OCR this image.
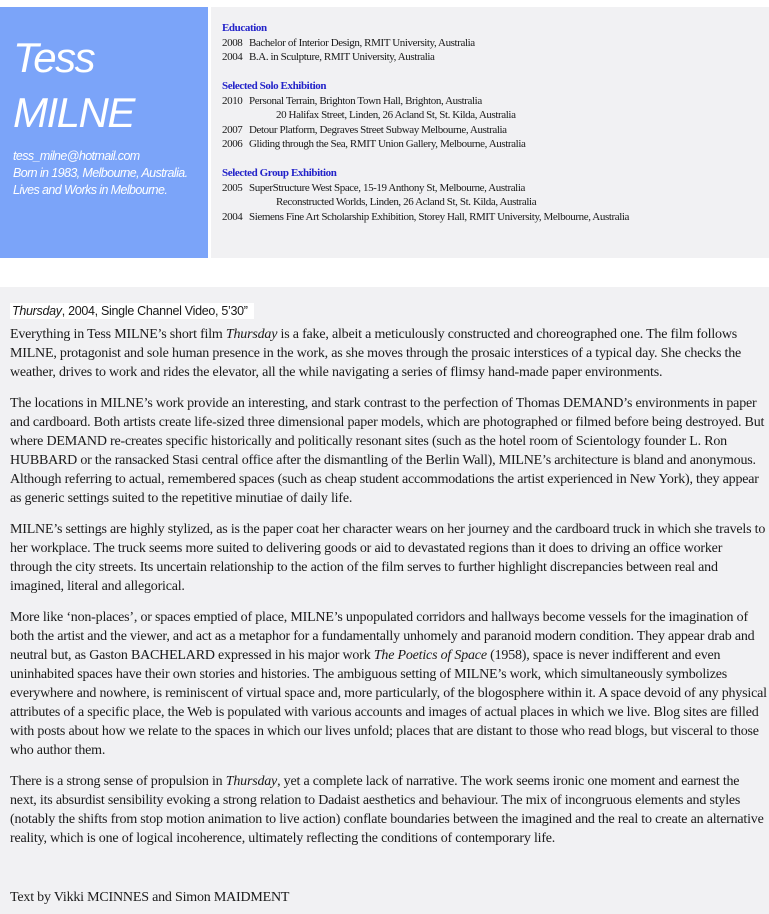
Tess
MILNE
tess_milne@hotmail.com
Born in 1983, Melbourne, Australia.
Lives and Works in Melbourne.
Education
2008 Bachelor of Interior Design, RMIT University, Australia
2004 B.A. in Sculpture, RMIT University, Australia
Selected Solo Exhibition
2010 Personal Terrain, Brighton Town Hall, Brighton, Australia
20 Halifax Street, Linden, 26 Acland St, St. Kilda, Australia
2007 Detour Platform, Degraves Street Subway Melbourne, Australia
2006 Gliding through the Sea, RMIT Union Gallery, Melbourne, Australia
Selected Group Exhibition
2005 SuperStructure West Space, 15-19 Anthony St, Melbourne, Australia
Reconstructed Worlds, Linden, 26 Acland St, St. Kilda, Australia
2004 Siemens Fine Art Scholarship Exhibition, Storey Hall, RMIT University, Melbourne, Australia
Thursday, 2004, Single Channel Video, 5’30”

Everything in Tess MILNE’s short film Thursday is a fake, albeit a meticulously constructed and choreographed one. The film follows MILNE, protagonist and sole human presence in the work, as she moves through the prosaic interstices of a typical day. She checks the weather, drives to work and rides the elevator, all the while navigating a series of flimsy hand-made paper environments.

The locations in MILNE’s work provide an interesting, and stark contrast to the perfection of Thomas DEMAND’s environments in paper and cardboard. Both artists create life-sized three dimensional paper models, which are photographed or filmed before being destroyed. But where DEMAND re-creates specific historically and politically resonant sites (such as the hotel room of Scientology founder L. Ron HUBBARD or the ransacked Stasi central office after the dismantling of the Berlin Wall), MILNE’s architecture is bland and anonymous. Although referring to actual, remembered spaces (such as cheap student accommodations the artist experienced in New York), they appear as generic settings suited to the repetitive minutiae of daily life.

MILNE’s settings are highly stylized, as is the paper coat her character wears on her journey and the cardboard truck in which she travels to her workplace. The truck seems more suited to delivering goods or aid to devastated regions than it does to driving an office worker through the city streets. Its uncertain relationship to the action of the film serves to further highlight discrepancies between real and imagined, literal and allegorical.

More like ‘non-places’, or spaces emptied of place, MILNE’s unpopulated corridors and hallways become vessels for the imagination of both the artist and the viewer, and act as a metaphor for a fundamentally unhomely and paranoid modern condition. They appear drab and neutral but, as Gaston BACHELARD expressed in his major work The Poetics of Space (1958), space is never indifferent and even uninhabited spaces have their own stories and histories. The ambiguous setting of MILNE’s work, which simultaneously symbolizes everywhere and nowhere, is reminiscent of virtual space and, more particularly, of the blogosphere within it. A space devoid of any physical attributes of a specific place, the Web is populated with various accounts and images of actual places in which we live. Blog sites are filled with posts about how we relate to the spaces in which our lives unfold; places that are distant to those who read blogs, but visceral to those who author them.

There is a strong sense of propulsion in Thursday, yet a complete lack of narrative. The work seems ironic one moment and earnest the next, its absurdist sensibility evoking a strong relation to Dadaist aesthetics and behaviour. The mix of incongruous elements and styles (notably the shifts from stop motion animation to live action) conflate boundaries between the imagined and the real to create an alternative reality, which is one of logical incoherence, ultimately reflecting the conditions of contemporary life.

Text by Vikki MCINNES and Simon MAIDMENT
